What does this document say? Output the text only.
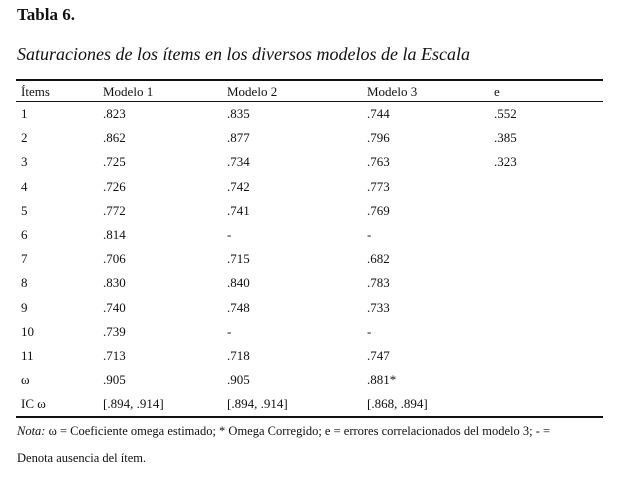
Tabla 6.
Saturaciones de los ítems en los diversos modelos de la Escala
Ítems	Modelo 1	Modelo 2	Modelo 3	e
1	.823	.835	.744	.552
2	.862	.877	.796	.385
3	.725	.734	.763	.323
4	.726	.742	.773	
5	.772	.741	.769	
6	.814	-	-	
7	.706	.715	.682	
8	.830	.840	.783	
9	.740	.748	.733	
10	.739	-	-	
11	.713	.718	.747	
ω	.905	.905	.881*	
IC ω	[.894, .914]	[.894, .914]	[.868, .894]	
Nota: ω = Coeficiente omega estimado; * Omega Corregido; e = errores correlacionados del modelo 3; - =
Denota ausencia del ítem.
